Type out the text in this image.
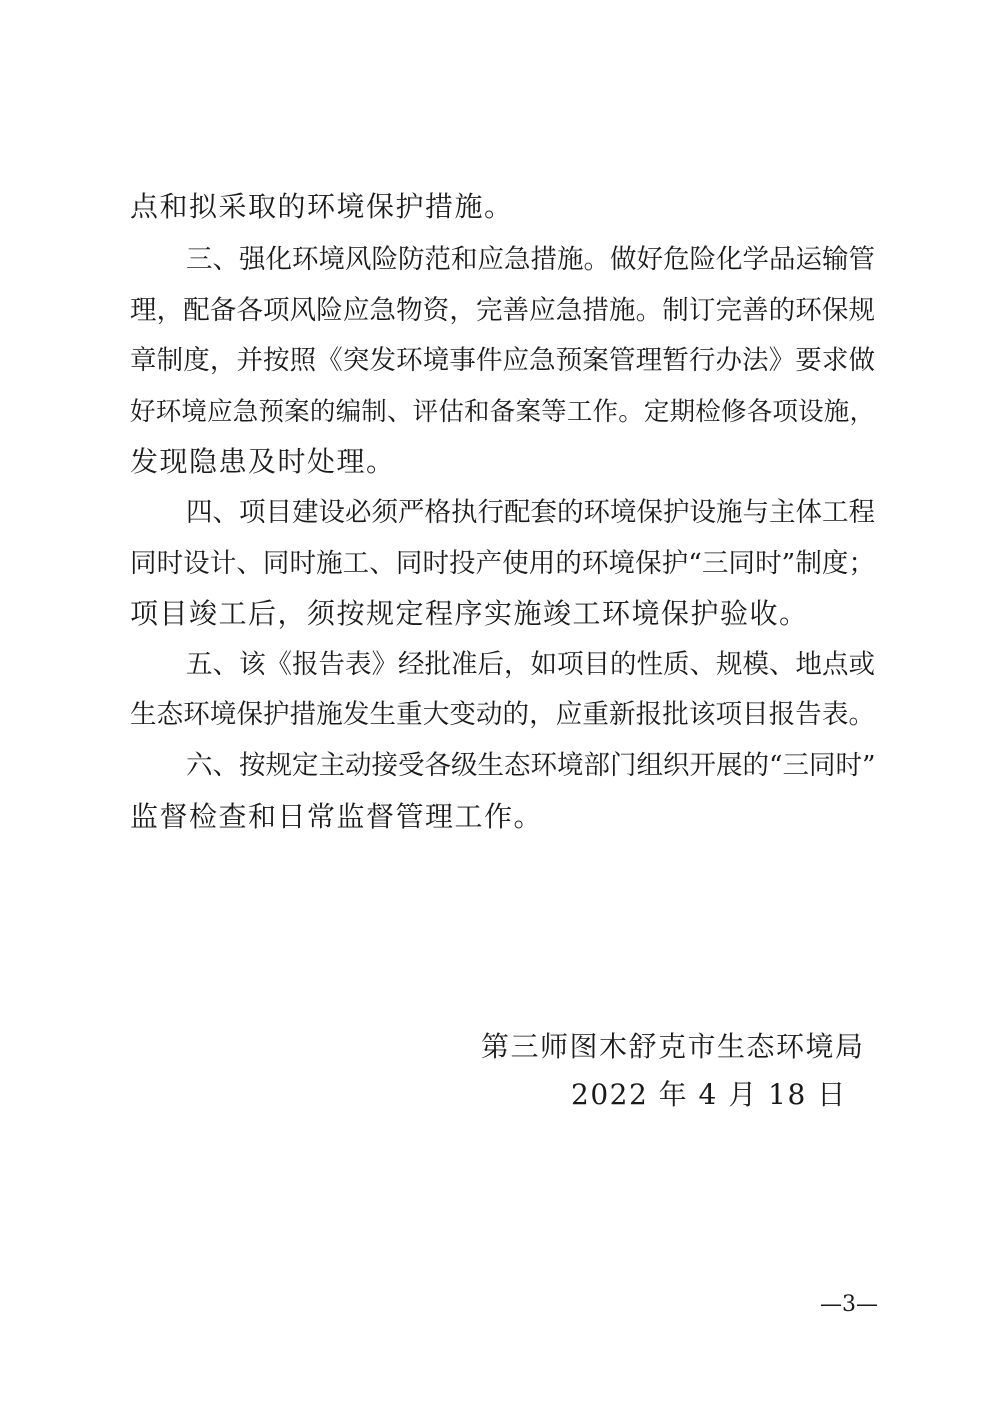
点和拟采取的环境保护措施。
三、强化环境风险防范和应急措施。做好危险化学品运输管
理，配备各项风险应急物资，完善应急措施。制订完善的环保规
章制度，并按照《突发环境事件应急预案管理暂行办法》要求做
好环境应急预案的编制、评估和备案等工作。定期检修各项设施，
发现隐患及时处理。
四、项目建设必须严格执行配套的环境保护设施与主体工程
同时设计、同时施工、同时投产使用的环境保护“三同时”制度；
项目竣工后，须按规定程序实施竣工环境保护验收。
五、该《报告表》经批准后，如项目的性质、规模、地点或
生态环境保护措施发生重大变动的，应重新报批该项目报告表。
六、按规定主动接受各级生态环境部门组织开展的“三同时”
监督检查和日常监督管理工作。
第三师图木舒克市生态环境局
2022 年 4 月 18 日
—3—
